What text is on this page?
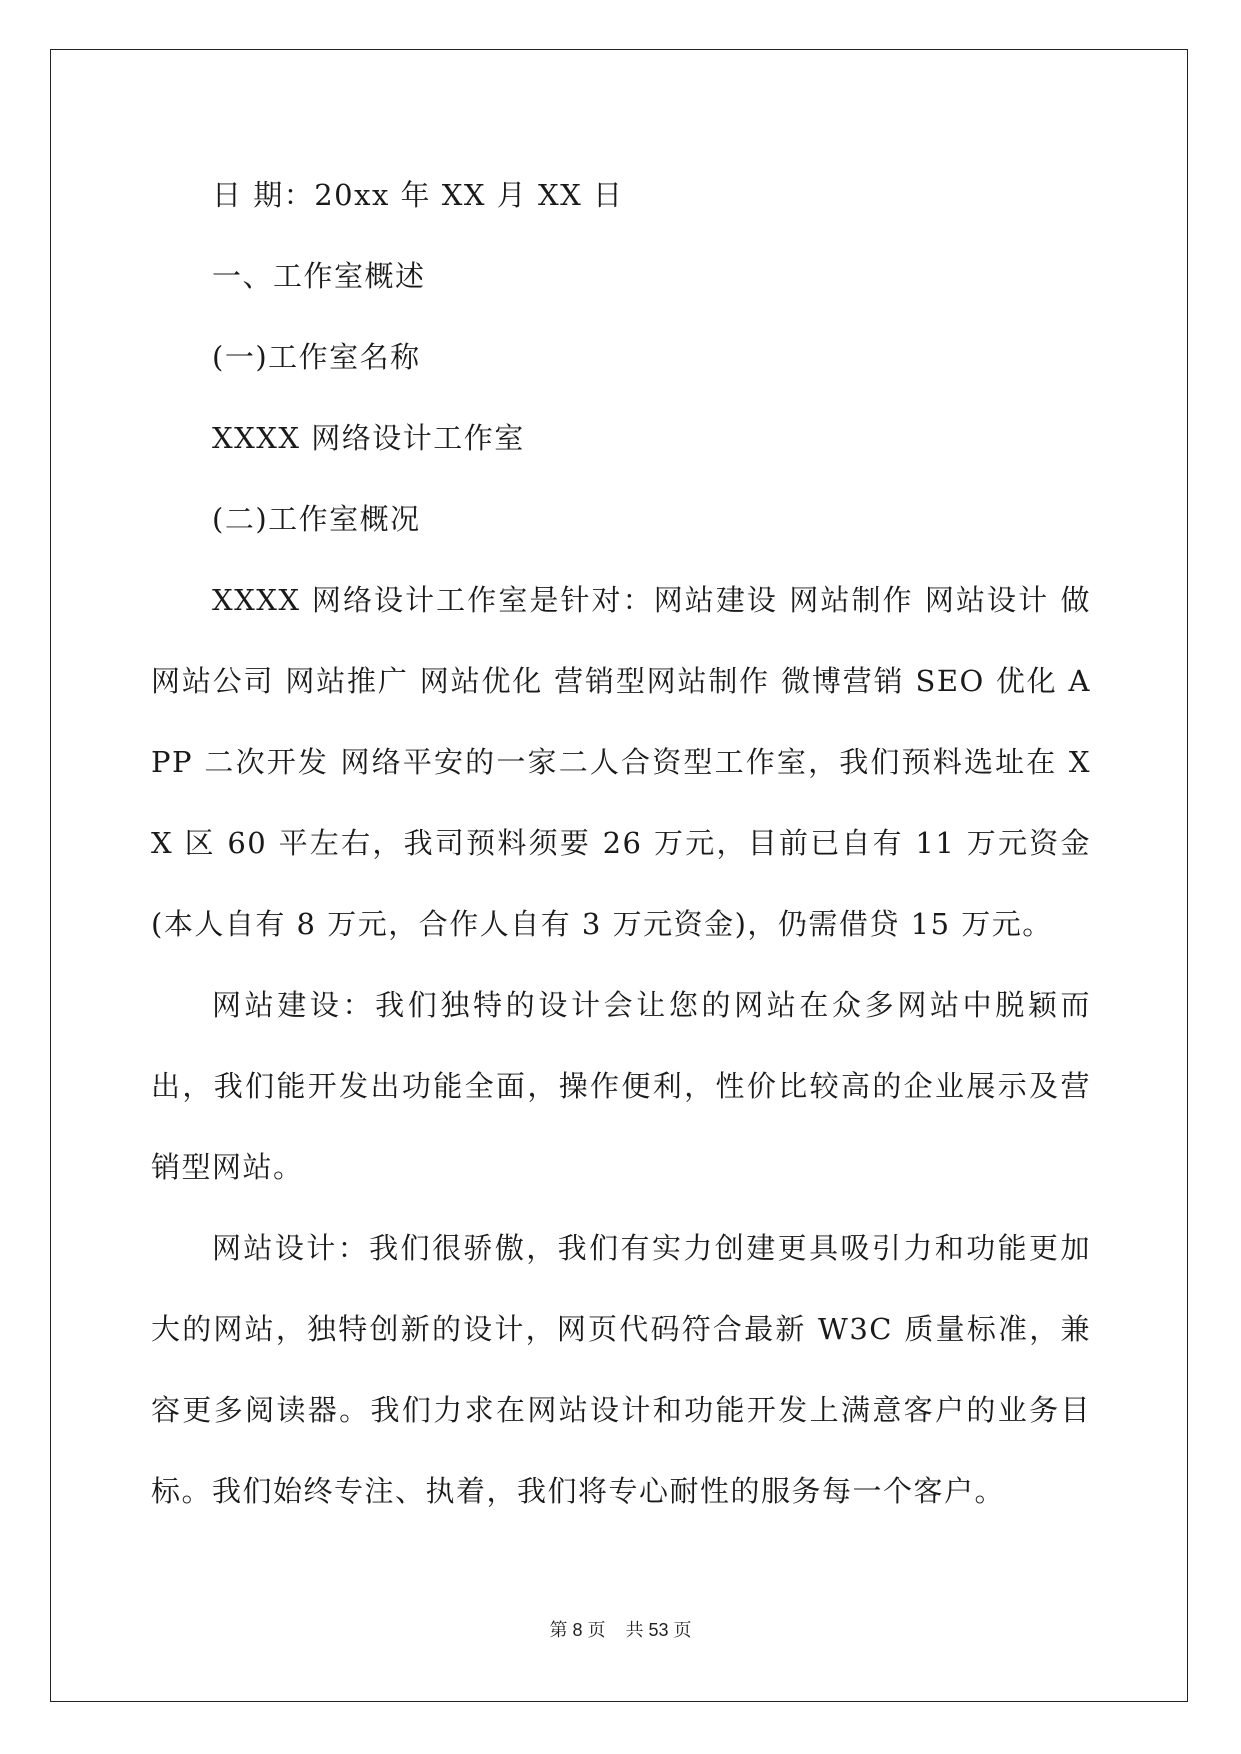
日 期：20xx 年 XX 月 XX 日

一、工作室概述

(一)工作室名称

XXXX 网络设计工作室

(二)工作室概况

XXXX 网络设计工作室是针对：网站建设 网站制作 网站设计 做网站公司 网站推广 网站优化 营销型网站制作 微博营销 SEO 优化 APP 二次开发 网络平安的一家二人合资型工作室，我们预料选址在 XX 区 60 平左右，我司预料须要 26 万元，目前已自有 11 万元资金(本人自有 8 万元，合作人自有 3 万元资金)，仍需借贷 15 万元。

网站建设：我们独特的设计会让您的网站在众多网站中脱颖而出，我们能开发出功能全面，操作便利，性价比较高的企业展示及营销型网站。

网站设计：我们很骄傲，我们有实力创建更具吸引力和功能更加大的网站，独特创新的设计，网页代码符合最新 W3C 质量标准，兼容更多阅读器。我们力求在网站设计和功能开发上满意客户的业务目标。我们始终专注、执着，我们将专心耐性的服务每一个客户。

第 8 页 共 53 页
